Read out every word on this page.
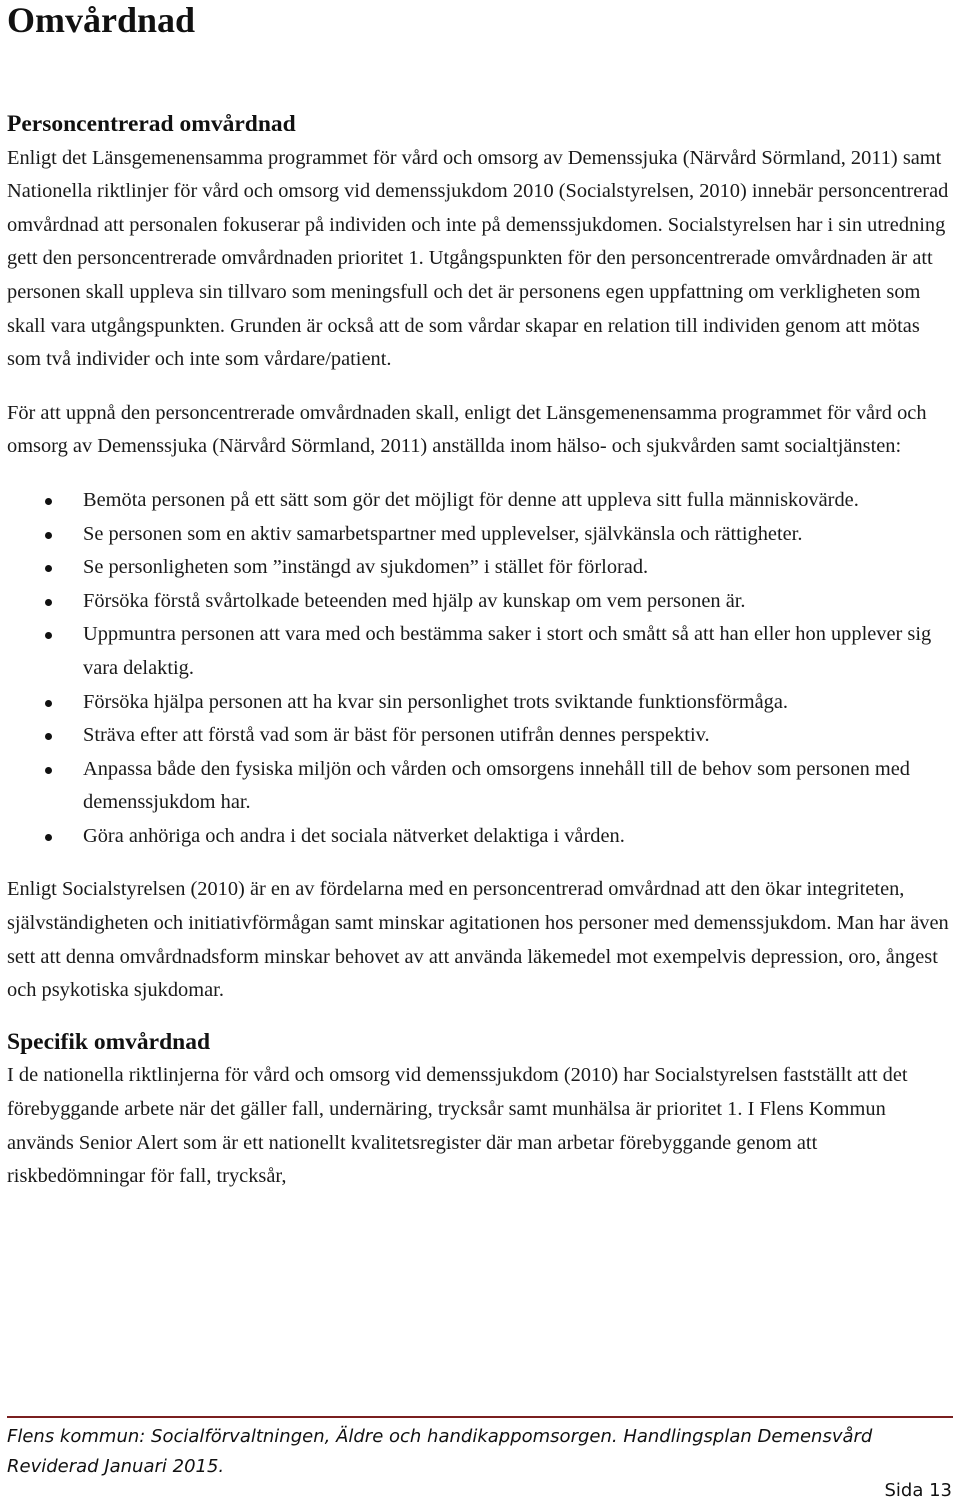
Omvårdnad
Personcentrerad omvårdnad

Enligt det Länsgemenensamma programmet för vård och omsorg av Demenssjuka (Närvård Sörmland, 2011) samt Nationella riktlinjer för vård och omsorg vid demenssjukdom 2010 (Socialstyrelsen, 2010) innebär personcentrerad omvårdnad att personalen fokuserar på individen och inte på demenssjukdomen. Socialstyrelsen har i sin utredning gett den personcentrerade omvårdnaden prioritet 1. Utgångspunkten för den personcentrerade omvårdnaden är att personen skall uppleva sin tillvaro som meningsfull och det är personens egen uppfattning om verkligheten som skall vara utgångspunkten. Grunden är också att de som vårdar skapar en relation till individen genom att mötas som två individer och inte som vårdare/patient.

För att uppnå den personcentrerade omvårdnaden skall, enligt det Länsgemenensamma programmet för vård och omsorg av Demenssjuka (Närvård Sörmland, 2011) anställda inom hälso- och sjukvården samt socialtjänsten:

Bemöta personen på ett sätt som gör det möjligt för denne att uppleva sitt fulla människovärde.
Se personen som en aktiv samarbetspartner med upplevelser, självkänsla och rättigheter.
Se personligheten som ”instängd av sjukdomen” i stället för förlorad.
Försöka förstå svårtolkade beteenden med hjälp av kunskap om vem personen är.
Uppmuntra personen att vara med och bestämma saker i stort och smått så att han eller hon upplever sig vara delaktig.
Försöka hjälpa personen att ha kvar sin personlighet trots sviktande funktionsförmåga.
Sträva efter att förstå vad som är bäst för personen utifrån dennes perspektiv.
Anpassa både den fysiska miljön och vården och omsorgens innehåll till de behov som personen med demenssjukdom har.
Göra anhöriga och andra i det sociala nätverket delaktiga i vården.

Enligt Socialstyrelsen (2010) är en av fördelarna med en personcentrerad omvårdnad att den ökar integriteten, självständigheten och initiativförmågan samt minskar agitationen hos personer med demenssjukdom. Man har även sett att denna omvårdnadsform minskar behovet av att använda läkemedel mot exempelvis depression, oro, ångest och psykotiska sjukdomar.

Specifik omvårdnad

I de nationella riktlinjerna för vård och omsorg vid demenssjukdom (2010) har Socialstyrelsen fastställt att det förebyggande arbete när det gäller fall, undernäring, trycksår samt munhälsa är prioritet 1. I Flens Kommun används Senior Alert som är ett nationellt kvalitetsregister där man arbetar förebyggande genom att riskbedömningar för fall, trycksår,

Flens kommun: Socialförvaltningen, Äldre och handikappomsorgen. Handlingsplan Demensvård
Reviderad Januari 2015.
Sida 13
